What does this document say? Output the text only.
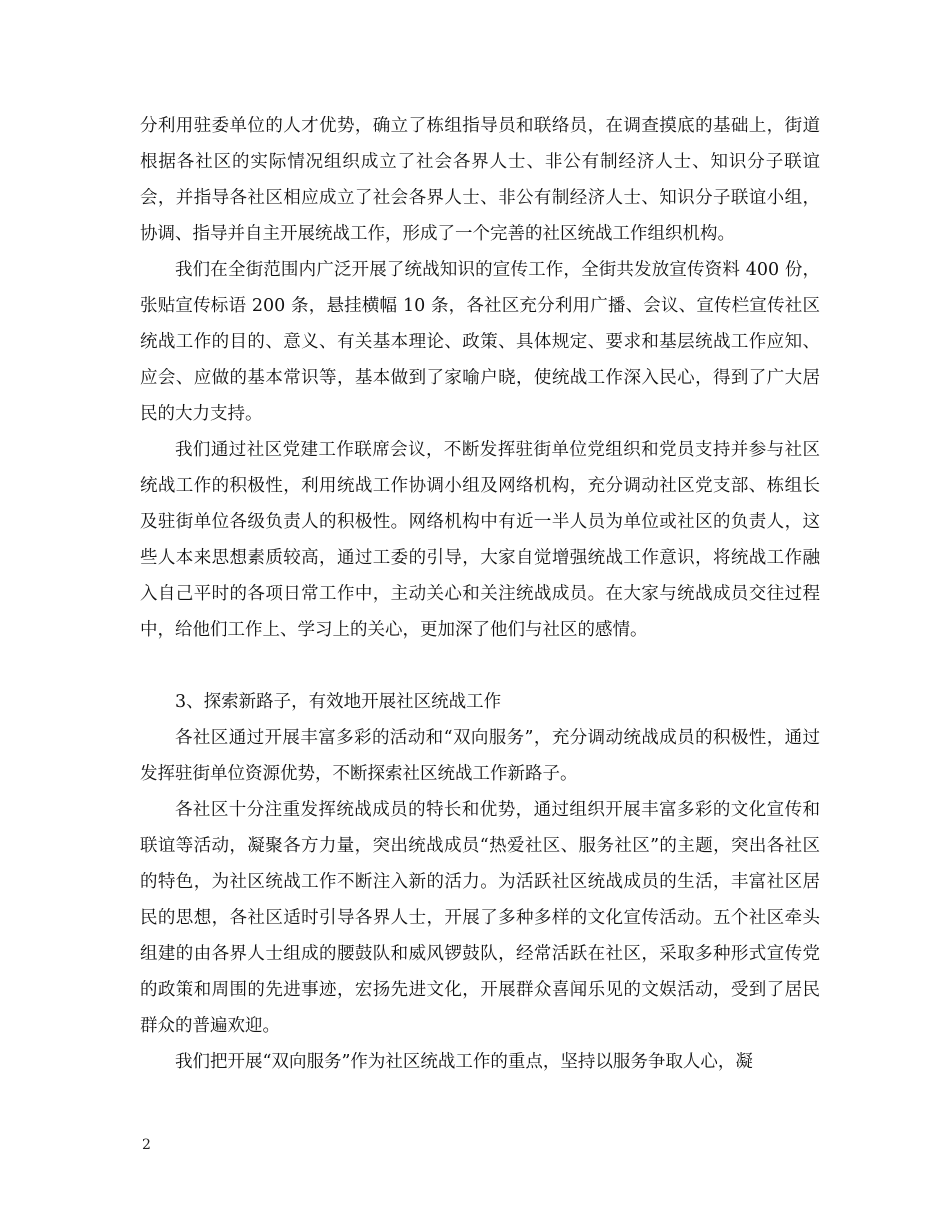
分利用驻委单位的人才优势，确立了栋组指导员和联络员，在调查摸底的基础上，街道根据各社区的实际情况组织成立了社会各界人士、非公有制经济人士、知识分子联谊会，并指导各社区相应成立了社会各界人士、非公有制经济人士、知识分子联谊小组，协调、指导并自主开展统战工作，形成了一个完善的社区统战工作组织机构。

我们在全街范围内广泛开展了统战知识的宣传工作，全街共发放宣传资料 400 份，张贴宣传标语 200 条，悬挂横幅 10 条，各社区充分利用广播、会议、宣传栏宣传社区统战工作的目的、意义、有关基本理论、政策、具体规定、要求和基层统战工作应知、应会、应做的基本常识等，基本做到了家喻户晓，使统战工作深入民心，得到了广大居民的大力支持。

我们通过社区党建工作联席会议，不断发挥驻街单位党组织和党员支持并参与社区统战工作的积极性，利用统战工作协调小组及网络机构，充分调动社区党支部、栋组长及驻街单位各级负责人的积极性。网络机构中有近一半人员为单位或社区的负责人，这些人本来思想素质较高，通过工委的引导，大家自觉增强统战工作意识，将统战工作融入自己平时的各项日常工作中，主动关心和关注统战成员。在大家与统战成员交往过程中，给他们工作上、学习上的关心，更加深了他们与社区的感情。

3、探索新路子，有效地开展社区统战工作

各社区通过开展丰富多彩的活动和“双向服务”，充分调动统战成员的积极性，通过发挥驻街单位资源优势，不断探索社区统战工作新路子。

各社区十分注重发挥统战成员的特长和优势，通过组织开展丰富多彩的文化宣传和联谊等活动，凝聚各方力量，突出统战成员“热爱社区、服务社区”的主题，突出各社区的特色，为社区统战工作不断注入新的活力。为活跃社区统战成员的生活，丰富社区居民的思想，各社区适时引导各界人士，开展了多种多样的文化宣传活动。五个社区牵头组建的由各界人士组成的腰鼓队和威风锣鼓队，经常活跃在社区，采取多种形式宣传党的政策和周围的先进事迹，宏扬先进文化，开展群众喜闻乐见的文娱活动，受到了居民群众的普遍欢迎。

我们把开展“双向服务”作为社区统战工作的重点，坚持以服务争取人心，凝

2
